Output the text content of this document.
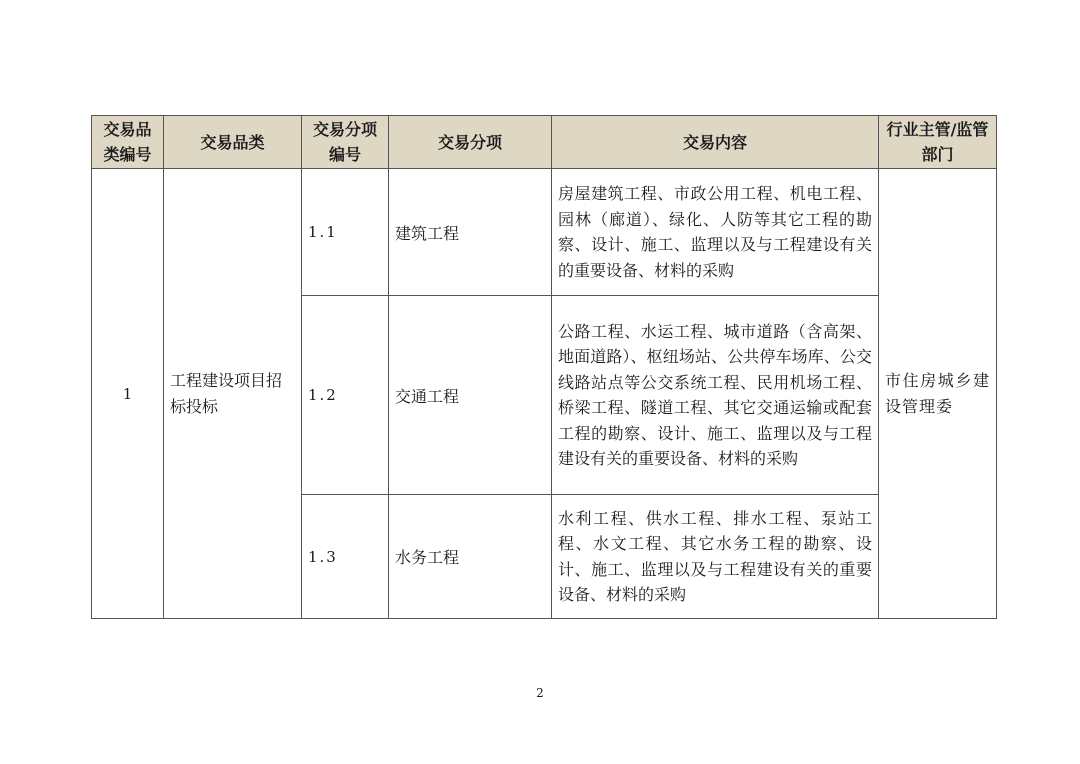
交易品类编号	交易品类	交易分项编号	交易分项	交易内容	行业主管/监管部门
1	工程建设项目招标投标	1.1	建筑工程	房屋建筑工程、市政公用工程、机电工程、园林（廊道）、绿化、人防等其它工程的勘察、设计、施工、监理以及与工程建设有关的重要设备、材料的采购	市住房城乡建设管理委
		1.2	交通工程	公路工程、水运工程、城市道路（含高架、地面道路）、枢纽场站、公共停车场库、公交线路站点等公交系统工程、民用机场工程、桥梁工程、隧道工程、其它交通运输或配套工程的勘察、设计、施工、监理以及与工程建设有关的重要设备、材料的采购	
		1.3	水务工程	水利工程、供水工程、排水工程、泵站工程、水文工程、其它水务工程的勘察、设计、施工、监理以及与工程建设有关的重要设备、材料的采购	
2
